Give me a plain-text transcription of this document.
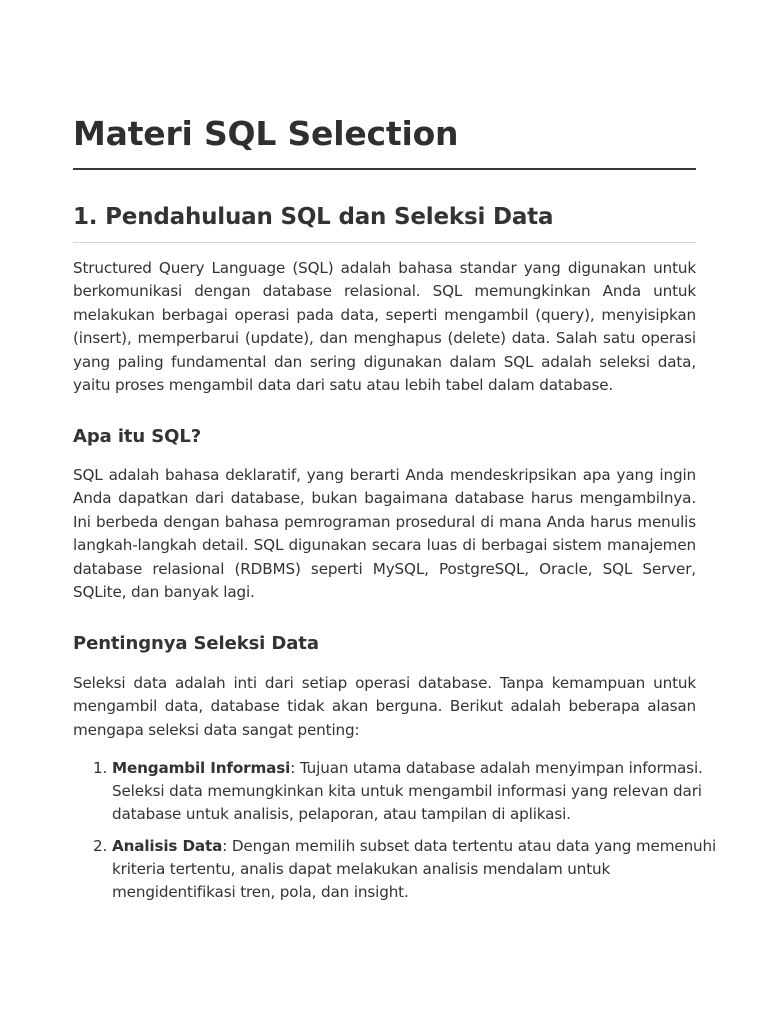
Materi SQL Selection
1. Pendahuluan SQL dan Seleksi Data

Structured Query Language (SQL) adalah bahasa standar yang digunakan untuk berkomunikasi dengan database relasional. SQL memungkinkan Anda untuk melakukan berbagai operasi pada data, seperti mengambil (query), menyisipkan (insert), memperbarui (update), dan menghapus (delete) data. Salah satu operasi yang paling fundamental dan sering digunakan dalam SQL adalah seleksi data, yaitu proses mengambil data dari satu atau lebih tabel dalam database.

Apa itu SQL?

SQL adalah bahasa deklaratif, yang berarti Anda mendeskripsikan apa yang ingin Anda dapatkan dari database, bukan bagaimana database harus mengambilnya. Ini berbeda dengan bahasa pemrograman prosedural di mana Anda harus menulis langkah-langkah detail. SQL digunakan secara luas di berbagai sistem manajemen database relasional (RDBMS) seperti MySQL, PostgreSQL, Oracle, SQL Server, SQLite, dan banyak lagi.

Pentingnya Seleksi Data

Seleksi data adalah inti dari setiap operasi database. Tanpa kemampuan untuk mengambil data, database tidak akan berguna. Berikut adalah beberapa alasan mengapa seleksi data sangat penting:

1. Mengambil Informasi: Tujuan utama database adalah menyimpan informasi. Seleksi data memungkinkan kita untuk mengambil informasi yang relevan dari database untuk analisis, pelaporan, atau tampilan di aplikasi.
2. Analisis Data: Dengan memilih subset data tertentu atau data yang memenuhi kriteria tertentu, analis dapat melakukan analisis mendalam untuk mengidentifikasi tren, pola, dan insight.
